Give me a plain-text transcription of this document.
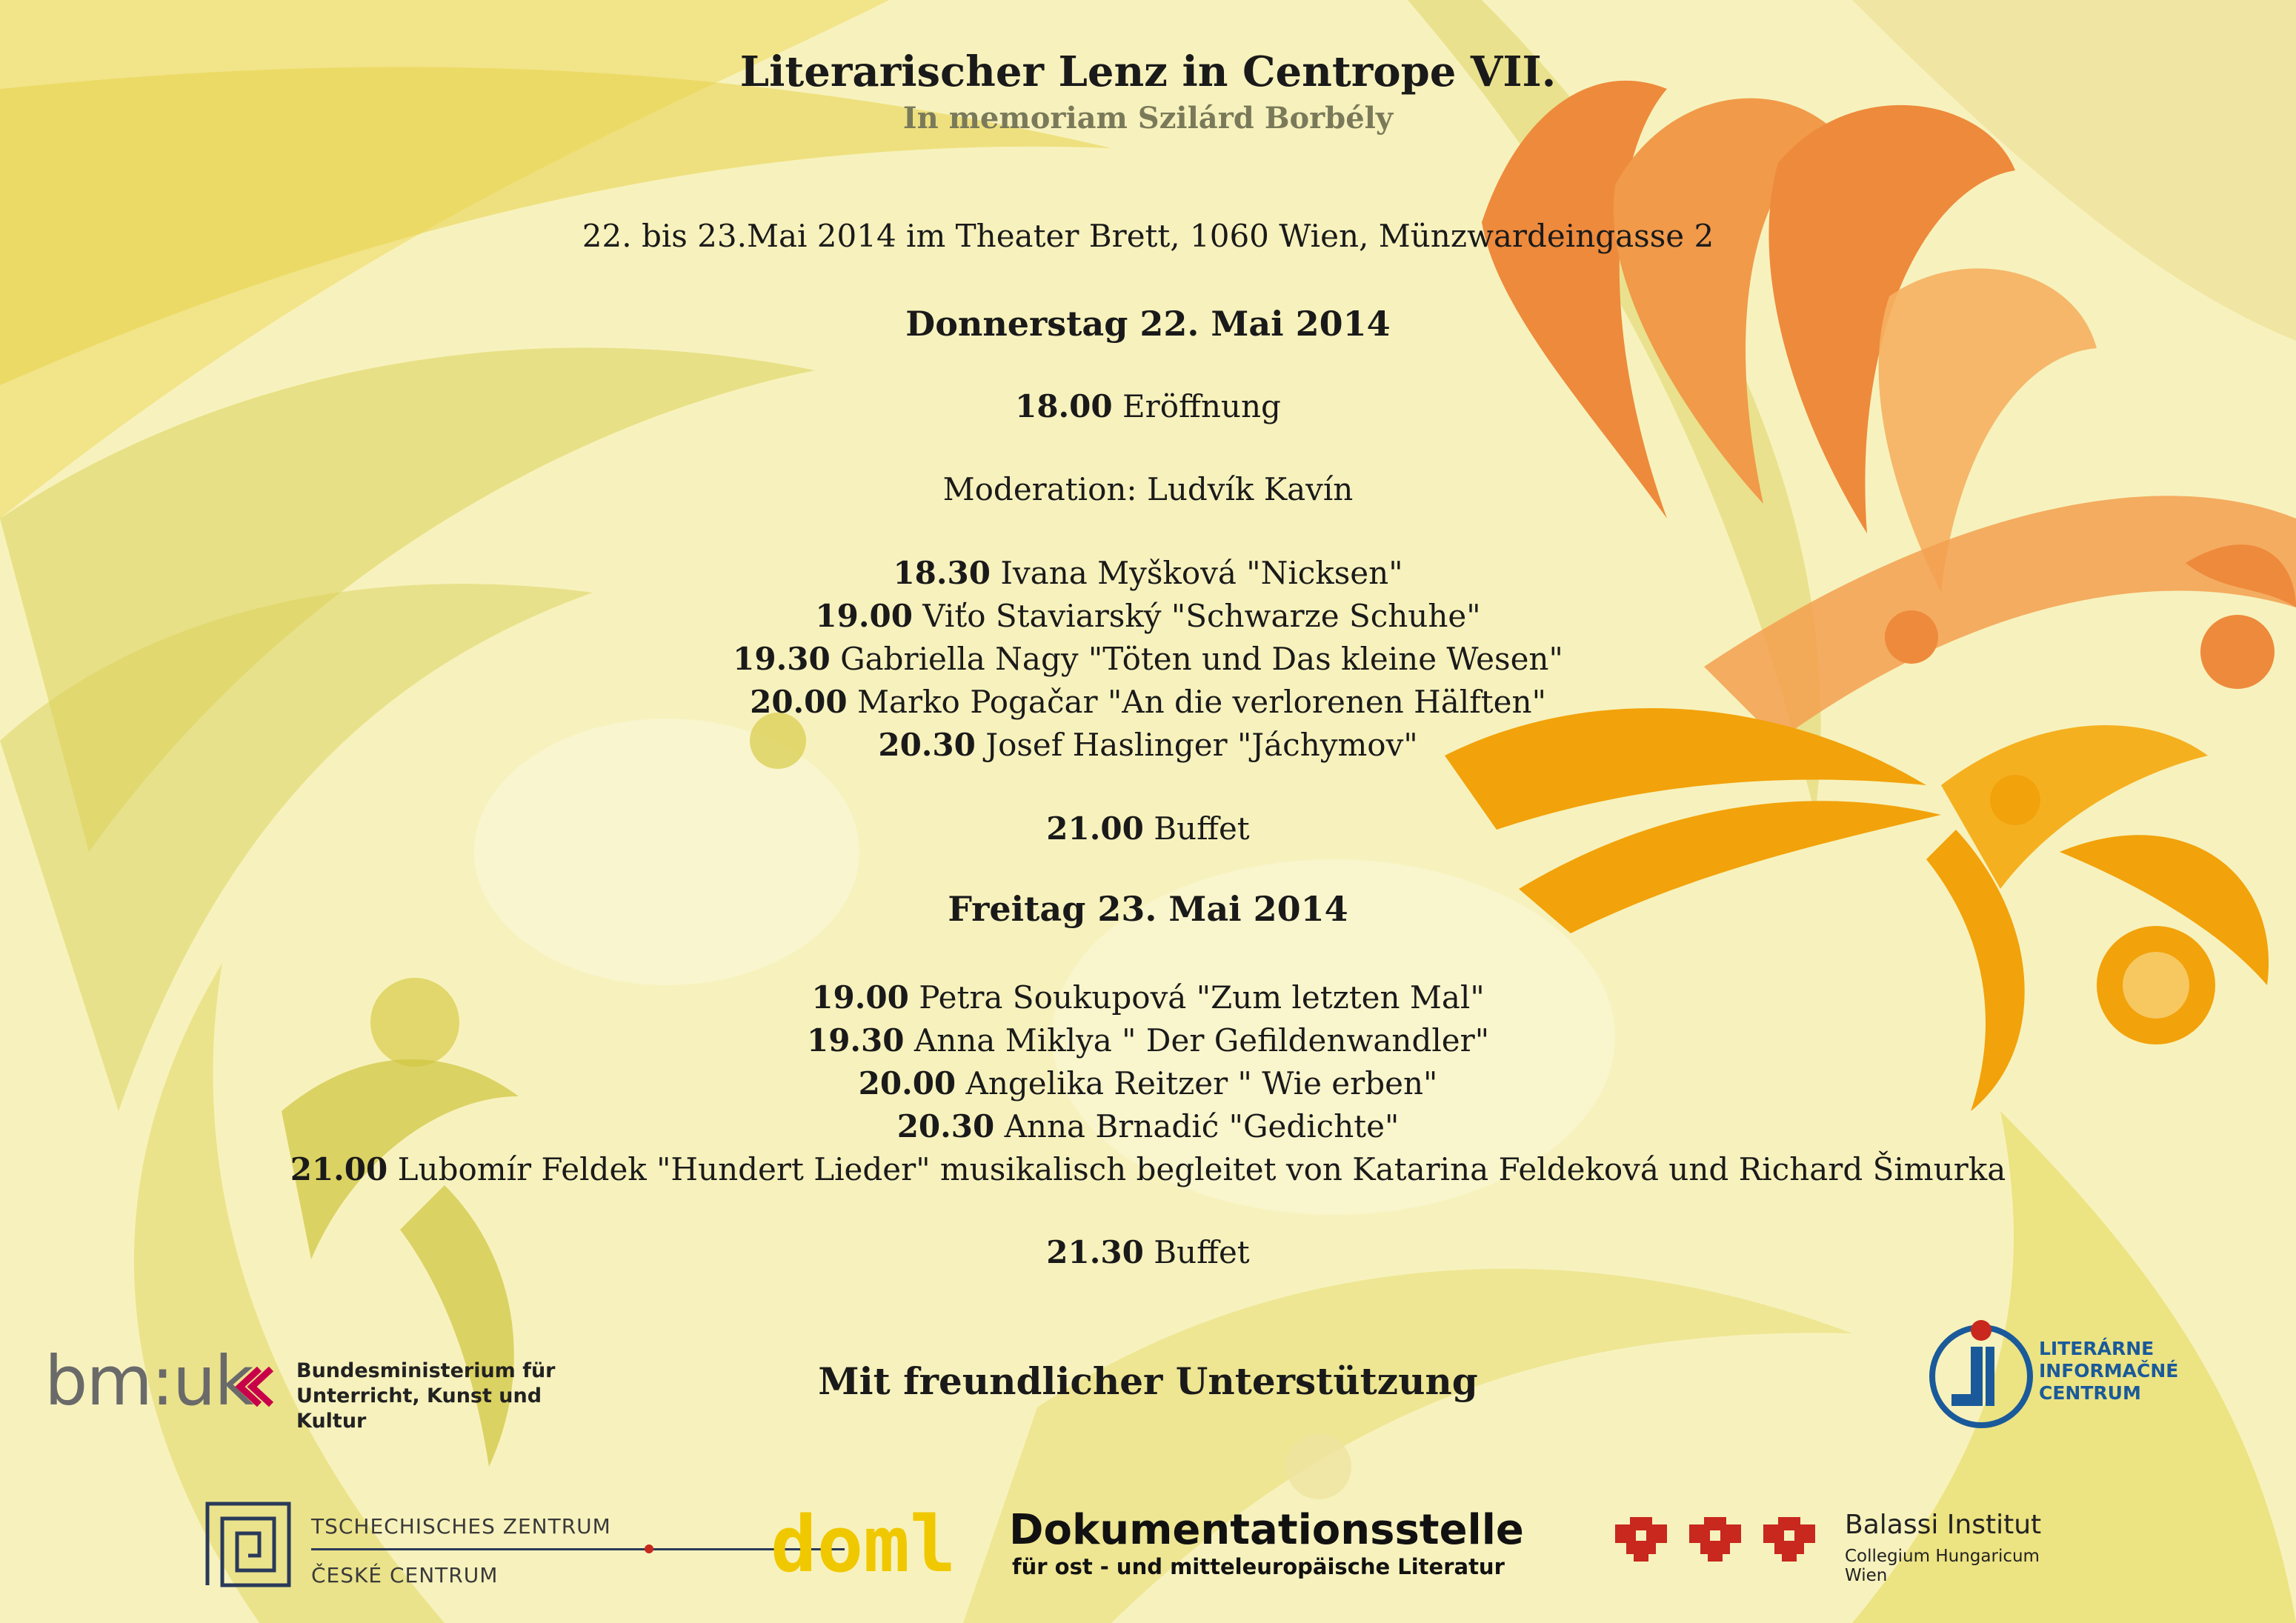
Literarischer Lenz in Centrope VII.
In memoriam Szilárd Borbély
22. bis 23.Mai 2014 im Theater Brett, 1060 Wien, Münzwardeingasse 2
Donnerstag 22. Mai 2014
18.00 Eröffnung
Moderation: Ludvík Kavín
18.30 Ivana Myšková "Nicksen"
19.00 Viťo Staviarský "Schwarze Schuhe"
19.30 Gabriella Nagy "Töten und Das kleine Wesen"
20.00 Marko Pogačar "An die verlorenen Hälften"
20.30 Josef Haslinger "Jáchymov"
21.00 Buffet
Freitag 23. Mai 2014
19.00 Petra Soukupová "Zum letzten Mal"
19.30 Anna Miklya " Der Gefildenwandler"
20.00 Angelika Reitzer " Wie erben"
20.30 Anna Brnadić "Gedichte"
21.00 Lubomír Feldek "Hundert Lieder" musikalisch begleitet von Katarina Feldeková und Richard Šimurka
21.30 Buffet
Mit freundlicher Unterstützung
bm:uk Bundesministerium für
Unterricht, Kunst und Kultur
LITERÁRNE
INFORMAČNÉ
CENTRUM
TSCHECHISCHES ZENTRUM
ČESKÉ CENTRUM	doml Dokumentationsstelle
für ost - und mitteleuropäische Literatur
Balassi Institut
Collegium Hungaricum
Wien
